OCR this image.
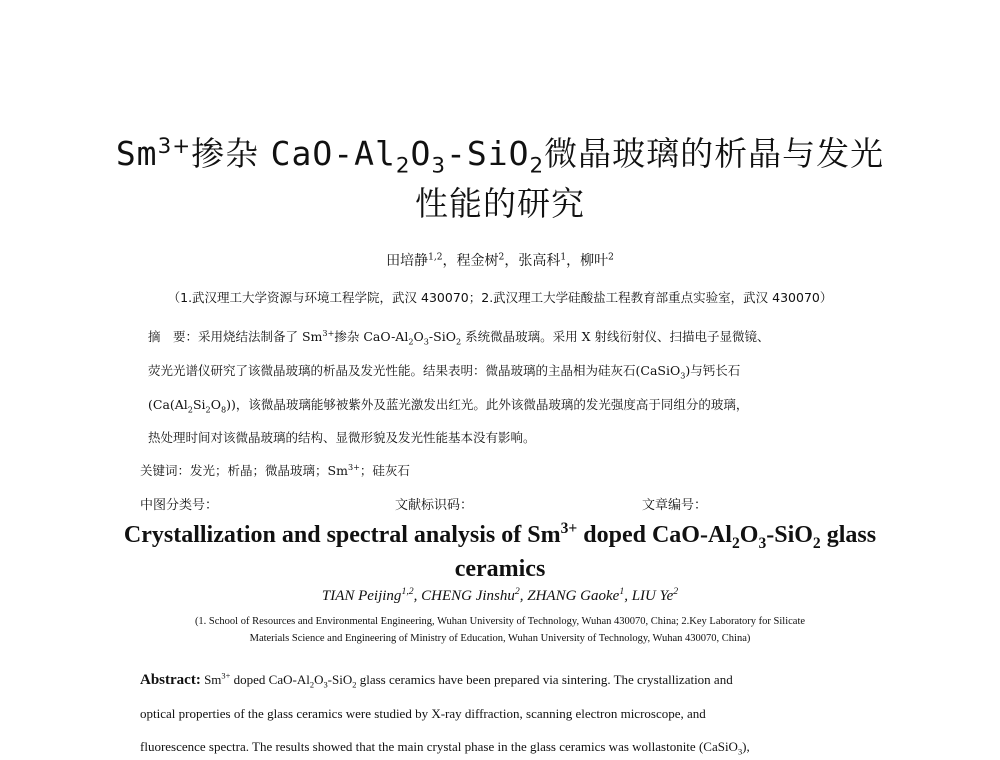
$Sm^{3+}$掺杂 CaO-$Al_2O_3-SiO_2$微晶玻璃的析晶与发光
性能的研究
田培静$^{1,2}$，程金树$^2$，张高科$^1$，柳叶$^2$
（1.武汉理工大学资源与环境工程学院，武汉 430070；2.武汉理工大学硅酸盐工程教育部重点实验室，武汉 430070）
摘　要：采用烧结法制备了 $Sm^{3+}$掺杂 CaO-$Al_2O_3-SiO_2$ 系统微晶玻璃。采用 X 射线衍射仪、扫描电子显微镜、
荧光光谱仪研究了该微晶玻璃的析晶及发光性能。结果表明：微晶玻璃的主晶相为硅灰石(CaSiO$_3$)与钙长石
$(Ca(Al_2Si_2O_8))$，该微晶玻璃能够被紫外及蓝光激发出红光。此外该微晶玻璃的发光强度高于同组分的玻璃，
热处理时间对该微晶玻璃的结构、显微形貌及发光性能基本没有影响。
关键词：发光；析晶；微晶玻璃；$Sm^{3+}$；硅灰石
中图分类号：	文献标识码：	文章编号：
Crystallization and spectral analysis of $Sm^{3+}$ doped CaO-$Al_2O_3-SiO_2$ glass
ceramics
TIAN Peijing$^{1,2}$, CHENG Jinshu$^2$, ZHANG Gaoke$^1$, LIU Ye$^2$
(1. School of Resources and Environmental Engineering, Wuhan University of Technology, Wuhan 430070, China; 2.Key Laboratory for Silicate
Materials Science and Engineering of Ministry of Education, Wuhan University of Technology, Wuhan 430070, China)
Abstract: $Sm^{3+}$ doped CaO-$Al_2O_3-SiO_2$ glass ceramics have been prepared via sintering. The crystallization and
optical properties of the glass ceramics were studied by X-ray diffraction, scanning electron microscope, and
fluorescence spectra. The results showed that the main crystal phase in the glass ceramics was wollastonite (CaSiO$_3$),
